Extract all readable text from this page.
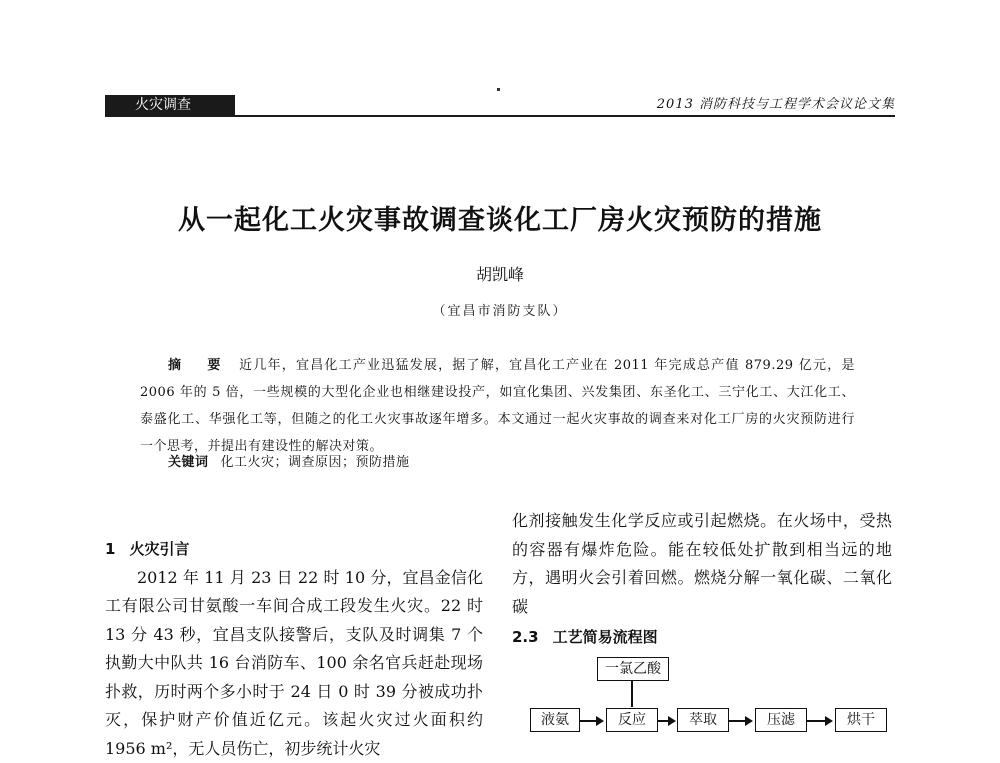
火灾调查	2013 消防科技与工程学术会议论文集
从一起化工火灾事故调查谈化工厂房火灾预防的措施
胡凯峰
（宜昌市消防支队）
摘　要 近几年，宜昌化工产业迅猛发展，据了解，宜昌化工产业在 2011 年完成总产值 879.29 亿元，是 2006 年的 5 倍，一些规模的大型化企业也相继建设投产，如宜化集团、兴发集团、东圣化工、三宁化工、大江化工、泰盛化工、华强化工等，但随之的化工火灾事故逐年增多。本文通过一起火灾事故的调查来对化工厂房的火灾预防进行一个思考，并提出有建设性的解决对策。
关键词 化工火灾；调查原因；预防措施
1 火灾引言
2012 年 11 月 23 日 22 时 10 分，宜昌金信化工有限公司甘氨酸一车间合成工段发生火灾。22 时 13 分 43 秒，宜昌支队接警后，支队及时调集 7 个执勤大中队共 16 台消防车、100 余名官兵赶赴现场扑救，历时两个多小时于 24 日 0 时 39 分被成功扑灭，保护财产价值近亿元。该起火灾过火面积约 1956 m²，无人员伤亡，初步统计火灾
化剂接触发生化学反应或引起燃烧。在火场中，受热的容器有爆炸危险。能在较低处扩散到相当远的地方，遇明火会引着回燃。燃烧分解一氧化碳、二氧化碳
2.3 工艺简易流程图
一氯乙酸
液氨	反应	萃取	压滤	烘干
